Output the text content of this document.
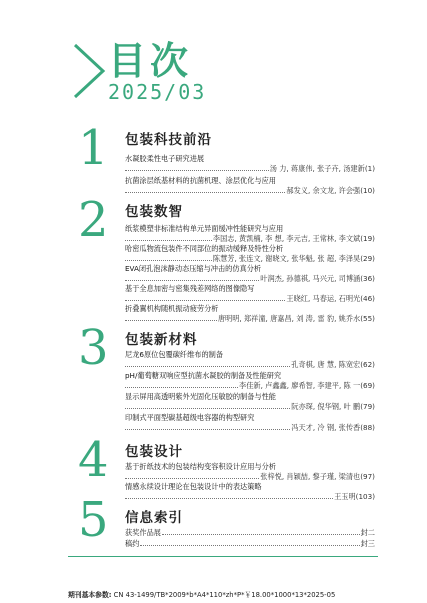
目次
2025/03
1 包装科技前沿
水凝胶柔性电子研究进展
汤 力, 蒋康伟, 张子卉, 汤建新 (1)
抗菌涂层纸基材料的抗菌机理、涂层优化与应用
郝发义, 余文龙, 许会强 (10)
2 包装数智
纸浆模塑非标准结构单元异面缓冲性能研究与应用
李国志, 黄凯楠, 李 想, 李元吉, 王常林, 李文斌 (19)
哈密瓜物流包装件不同部位的振动缓释及特性分析
陈慧芳, 张连文, 谢晓文, 张华魁, 张 超, 李泽昊 (29)
EVA闭孔泡沫静动态压缩与冲击的仿真分析
叶润杰, 孙德祺, 马兴元, 司博涵 (36)
基于全息加密与密集残差网络的图像隐写
王晓红, 马春运, 石明光 (46)
折叠翼机构随机振动疲劳分析
唐明明, 郑祥潼, 唐嘉昌, 刘 涛, 雷 豹, 姚乔水 (55)
3 包装新材料
尼龙6原位包覆碳纤维布的制备
孔奇棋, 唐 慧, 陈宽宏 (62)
pH/葡萄糖双响应型抗菌水凝胶的制备及性能研究
李佳新, 卢鑫鑫, 廖希智, 李建平, 陈 一 (69)
显示屏用高透明紫外光固化压敏胶的制备与性能
阮亦琛, 倪华钢, 叶 鹏 (79)
印制式平面型碳基超级电容器的构型研究
冯天才, 冷 钢, 张传香 (88)
4 包装设计
基于折纸技术的包装结构变容积设计应用与分析
张梓悦, 肖颖喆, 黎子瑾, 梁清也 (97)
情感永续设计理论在包装设计中的表达策略
王玉明 (103)
5 信息索引
获奖作品展	封二
稿约	封三
期刊基本参数: CN 43-1499/TB*2009*b*A4*110*zh*P*￥18.00*1000*13*2025-05
